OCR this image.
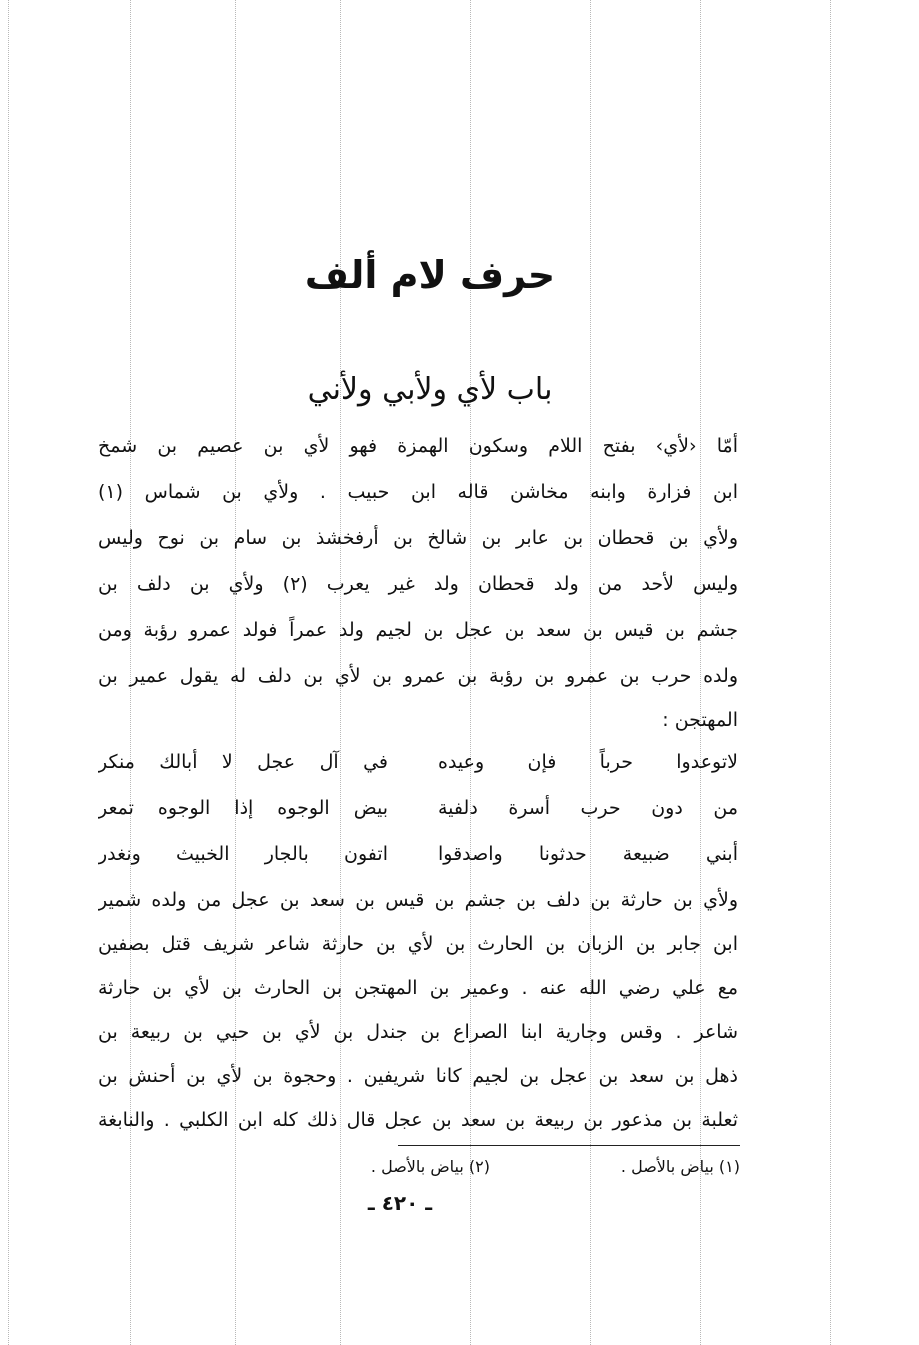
حرف لام ألف
باب لأي ولأبي ولأني
أمّا ‹لأي› بفتح اللام وسكون الهمزة فهو لأي بن عصيم بن شمخ
ابن فزارة وابنه مخاشن قاله ابن حبيب . ولأي بن شماس (١)
ولأي بن قحطان بن عابر بن شالخ بن أرفخشذ بن سام بن نوح وليس
وليس لأحد من ولد قحطان ولد غير يعرب (٢) ولأي بن دلف بن
جشم بن قيس بن سعد بن عجل بن لجيم ولد عمراً فولد عمرو رؤبة ومن
ولده حرب بن عمرو بن رؤبة بن عمرو بن لأي بن دلف له يقول عمير بن
المهتجن :
لاتوعدوا حرباً فإن وعيده
في آل عجل لا أبالك منكر
من دون حرب أسرة دلفية
بيض الوجوه إذا الوجوه تمعر
أبني ضبيعة حدثونا واصدقوا
اتفون بالجار الخبيث ونغدر
ولأي بن حارثة بن دلف بن جشم بن قيس بن سعد بن عجل من ولده شمير
ابن جابر بن الزبان بن الحارث بن لأي بن حارثة شاعر شريف قتل بصفين
مع علي رضي الله عنه . وعمير بن المهتجن بن الحارث بن لأي بن حارثة
شاعر . وقس وجارية ابنا الصراع بن جندل بن لأي بن حيي بن ربيعة بن
ذهل بن سعد بن عجل بن لجيم كانا شريفين . وحجوة بن لأي بن أحنش بن
ثعلبة بن مذعور بن ربيعة بن سعد بن عجل قال ذلك كله ابن الكلبي . والنابغة
(١) بياض بالأصل .
(٢) بياض بالأصل .
ـ ٤٢٠ ـ
